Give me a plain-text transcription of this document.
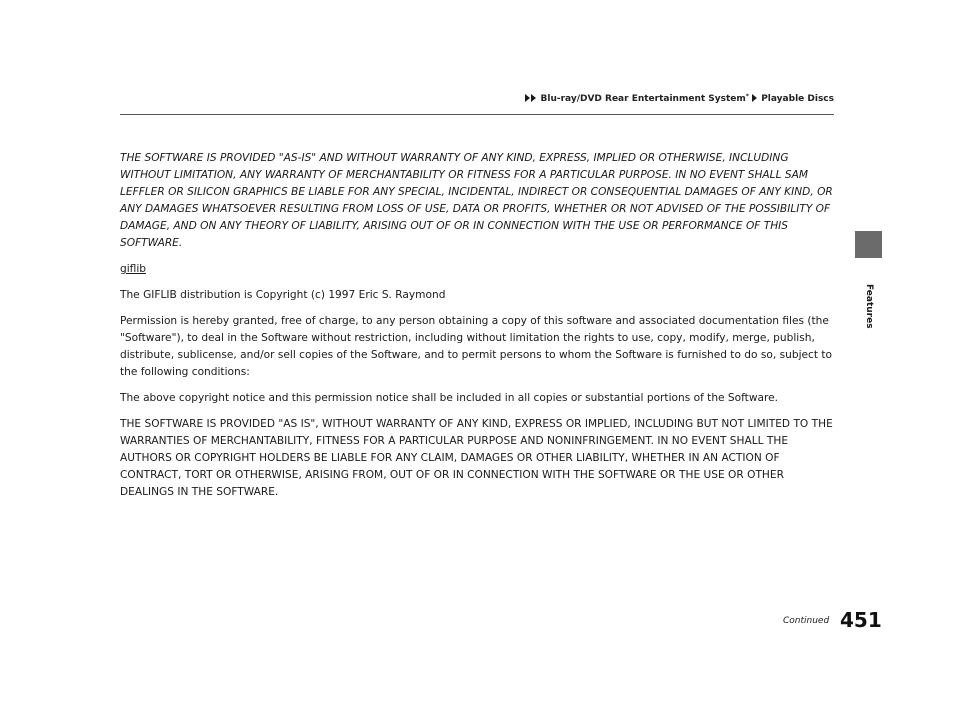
Blu-ray/DVD Rear Entertainment System* Playable Discs
Features

THE SOFTWARE IS PROVIDED "AS-IS" AND WITHOUT WARRANTY OF ANY KIND, EXPRESS, IMPLIED OR OTHERWISE, INCLUDING WITHOUT LIMITATION, ANY WARRANTY OF MERCHANTABILITY OR FITNESS FOR A PARTICULAR PURPOSE. IN NO EVENT SHALL SAM LEFFLER OR SILICON GRAPHICS BE LIABLE FOR ANY SPECIAL, INCIDENTAL, INDIRECT OR CONSEQUENTIAL DAMAGES OF ANY KIND, OR ANY DAMAGES WHATSOEVER RESULTING FROM LOSS OF USE, DATA OR PROFITS, WHETHER OR NOT ADVISED OF THE POSSIBILITY OF DAMAGE, AND ON ANY THEORY OF LIABILITY, ARISING OUT OF OR IN CONNECTION WITH THE USE OR PERFORMANCE OF THIS SOFTWARE.

giflib

The GIFLIB distribution is Copyright (c) 1997 Eric S. Raymond

Permission is hereby granted, free of charge, to any person obtaining a copy of this software and associated documentation files (the "Software"), to deal in the Software without restriction, including without limitation the rights to use, copy, modify, merge, publish, distribute, sublicense, and/or sell copies of the Software, and to permit persons to whom the Software is furnished to do so, subject to the following conditions:

The above copyright notice and this permission notice shall be included in all copies or substantial portions of the Software.

THE SOFTWARE IS PROVIDED "AS IS", WITHOUT WARRANTY OF ANY KIND, EXPRESS OR IMPLIED, INCLUDING BUT NOT LIMITED TO THE WARRANTIES OF MERCHANTABILITY, FITNESS FOR A PARTICULAR PURPOSE AND NONINFRINGEMENT. IN NO EVENT SHALL THE AUTHORS OR COPYRIGHT HOLDERS BE LIABLE FOR ANY CLAIM, DAMAGES OR OTHER LIABILITY, WHETHER IN AN ACTION OF CONTRACT, TORT OR OTHERWISE, ARISING FROM, OUT OF OR IN CONNECTION WITH THE SOFTWARE OR THE USE OR OTHER DEALINGS IN THE SOFTWARE.

Continued 451
